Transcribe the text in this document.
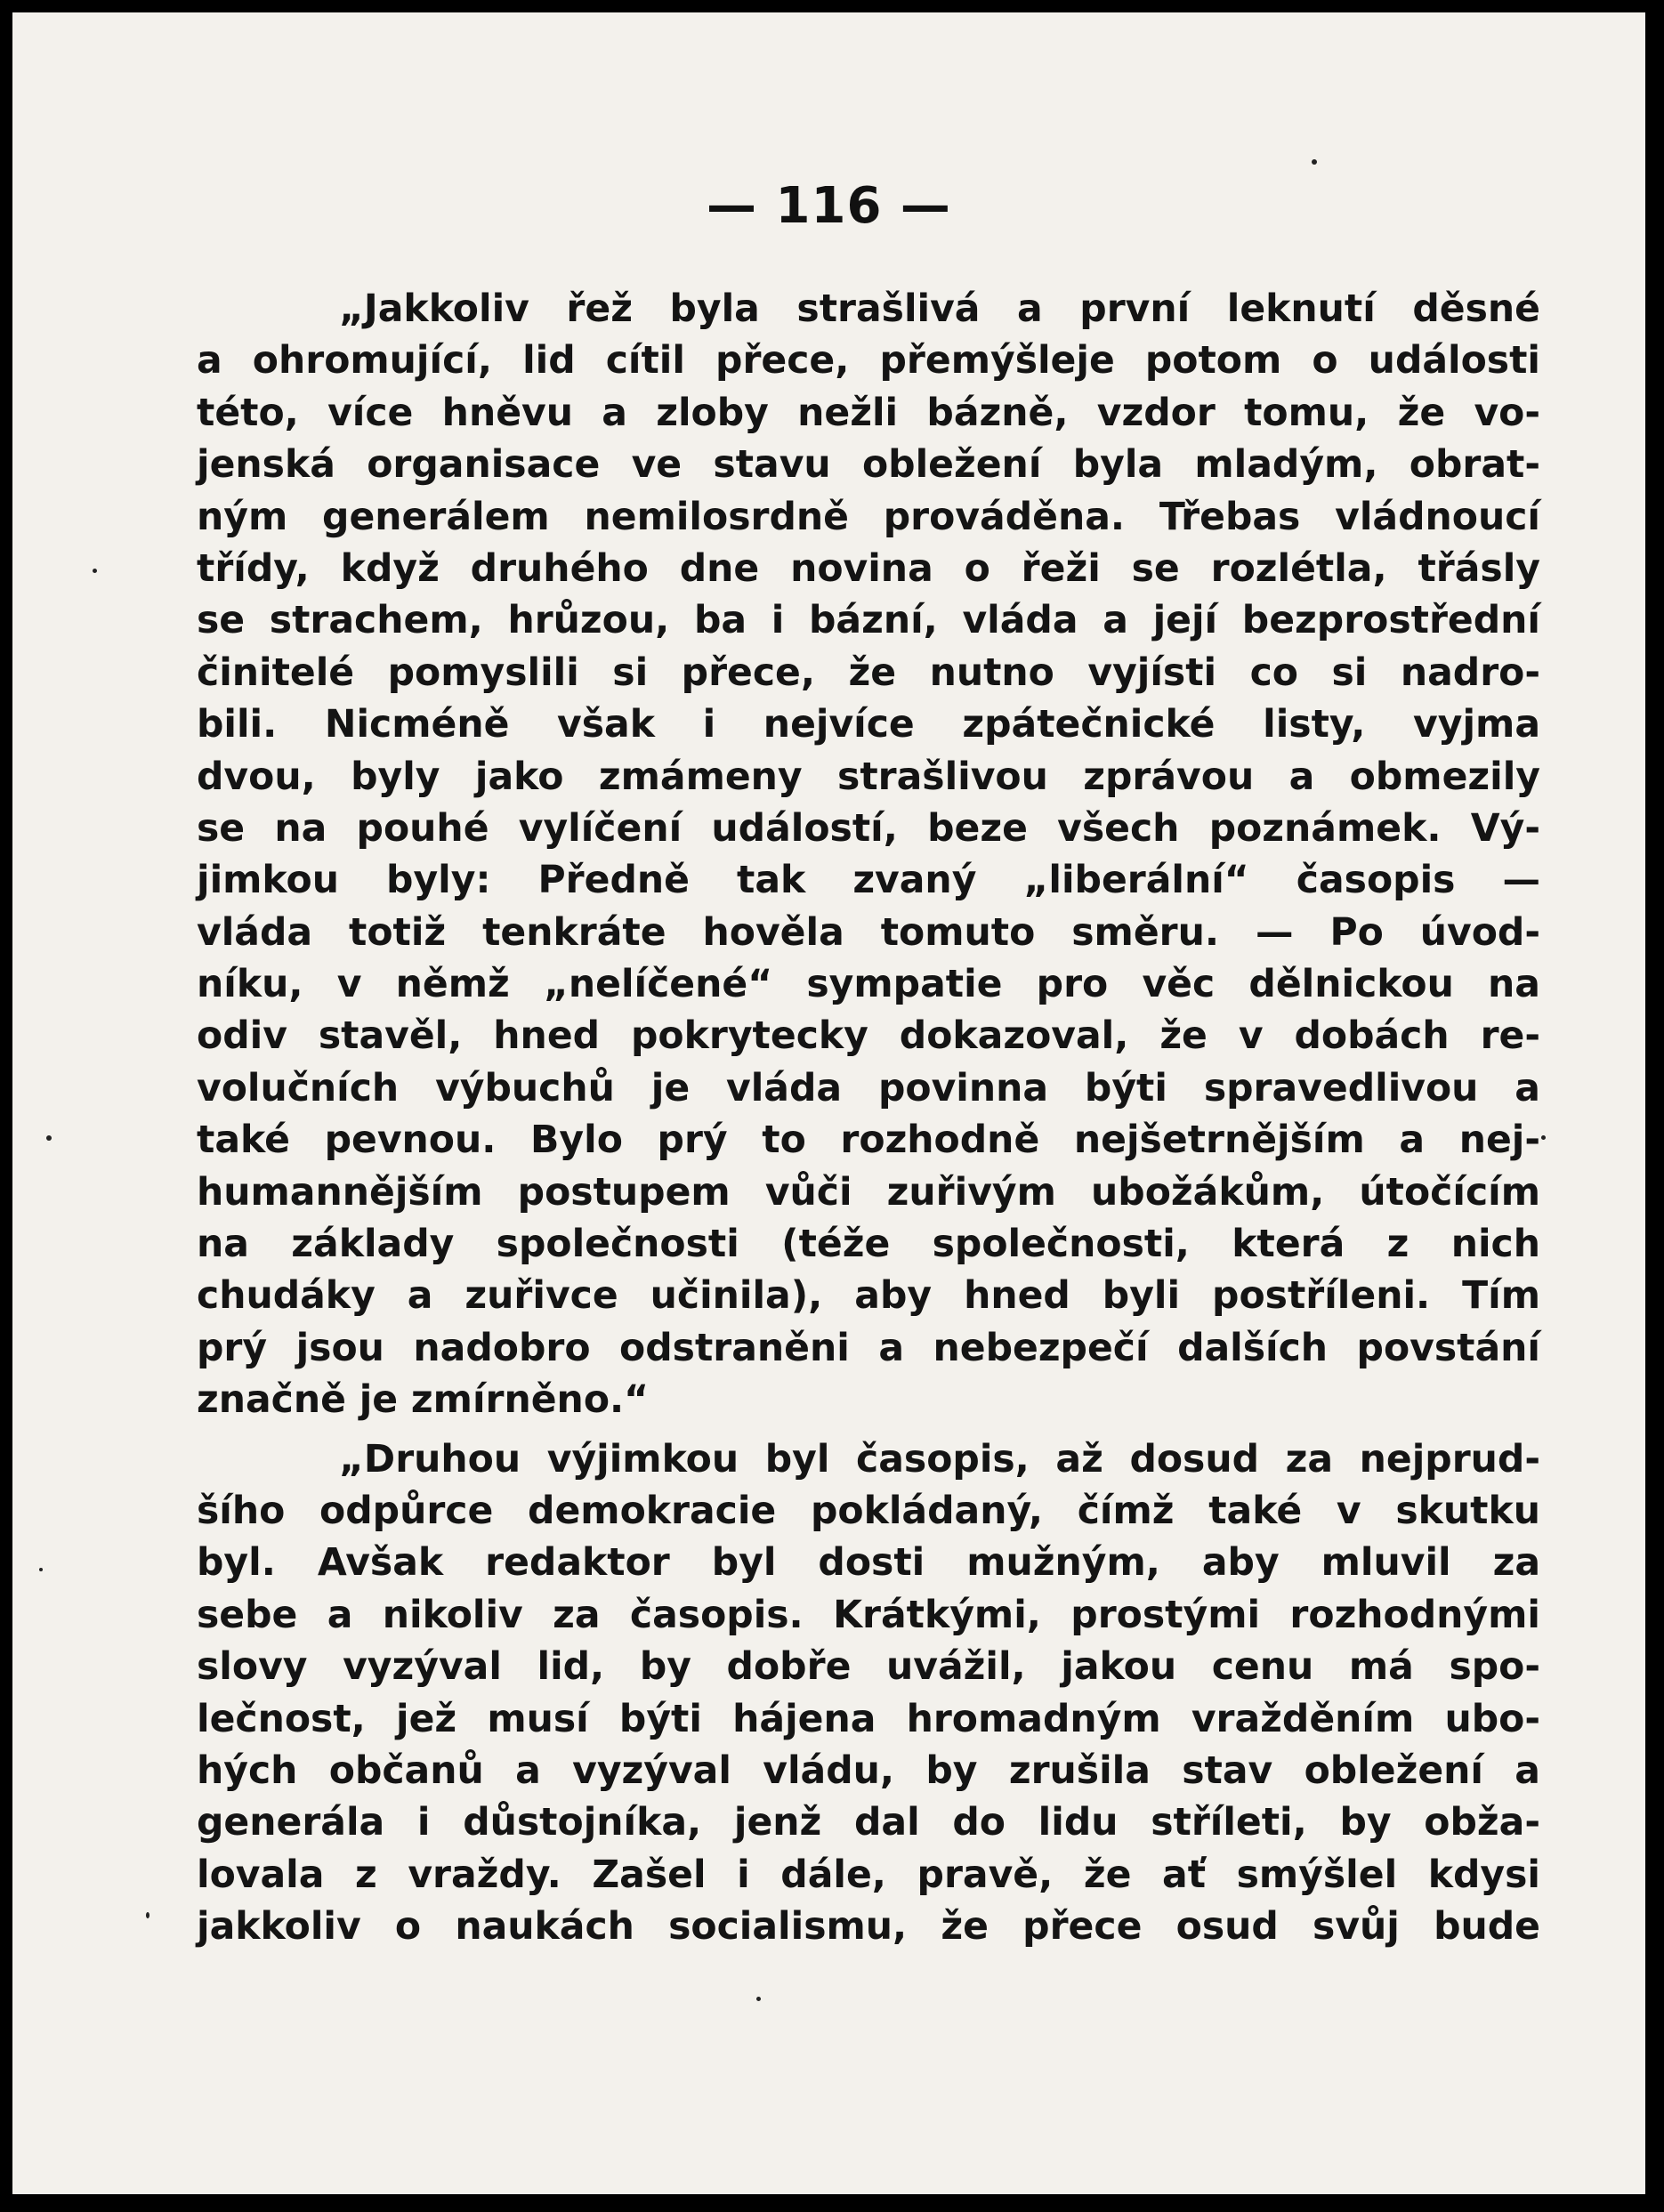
— 116 —
„Jakkoliv řež byla strašlivá a první leknutí děsné
a ohromující, lid cítil přece, přemýšleje potom o události
této, více hněvu a zloby nežli bázně, vzdor tomu, že vo-
jenská organisace ve stavu obležení byla mladým, obrat-
ným generálem nemilosrdně prováděna. Třebas vládnoucí
třídy, když druhého dne novina o řeži se rozlétla, třásly
se strachem, hrůzou, ba i bázní, vláda a její bezprostřední
činitelé pomyslili si přece, že nutno vyjísti co si nadro-
bili. Nicméně však i nejvíce zpátečnické listy, vyjma
dvou, byly jako zmámeny strašlivou zprávou a obmezily
se na pouhé vylíčení událostí, beze všech poznámek. Vý-
jimkou byly: Předně tak zvaný „liberální“ časopis —
vláda totiž tenkráte hověla tomuto směru. — Po úvod-
níku, v němž „nelíčené“ sympatie pro věc dělnickou na
odiv stavěl, hned pokrytecky dokazoval, že v dobách re-
volučních výbuchů je vláda povinna býti spravedlivou a
také pevnou. Bylo prý to rozhodně nejšetrnějším a nej-
humannějším postupem vůči zuřivým ubožákům, útočícím
na základy společnosti (téže společnosti, která z nich
chudáky a zuřivce učinila), aby hned byli postříleni. Tím
prý jsou nadobro odstraněni a nebezpečí dalších povstání
značně je zmírněno.“
„Druhou výjimkou byl časopis, až dosud za nejprud-
šího odpůrce demokracie pokládaný, čímž také v skutku
byl. Avšak redaktor byl dosti mužným, aby mluvil za
sebe a nikoliv za časopis. Krátkými, prostými rozhodnými
slovy vyzýval lid, by dobře uvážil, jakou cenu má spo-
lečnost, jež musí býti hájena hromadným vražděním ubo-
hých občanů a vyzýval vládu, by zrušila stav obležení a
generála i důstojníka, jenž dal do lidu stříleti, by obža-
lovala z vraždy. Zašel i dále, pravě, že ať smýšlel kdysi
jakkoliv o naukách socialismu, že přece osud svůj bude
